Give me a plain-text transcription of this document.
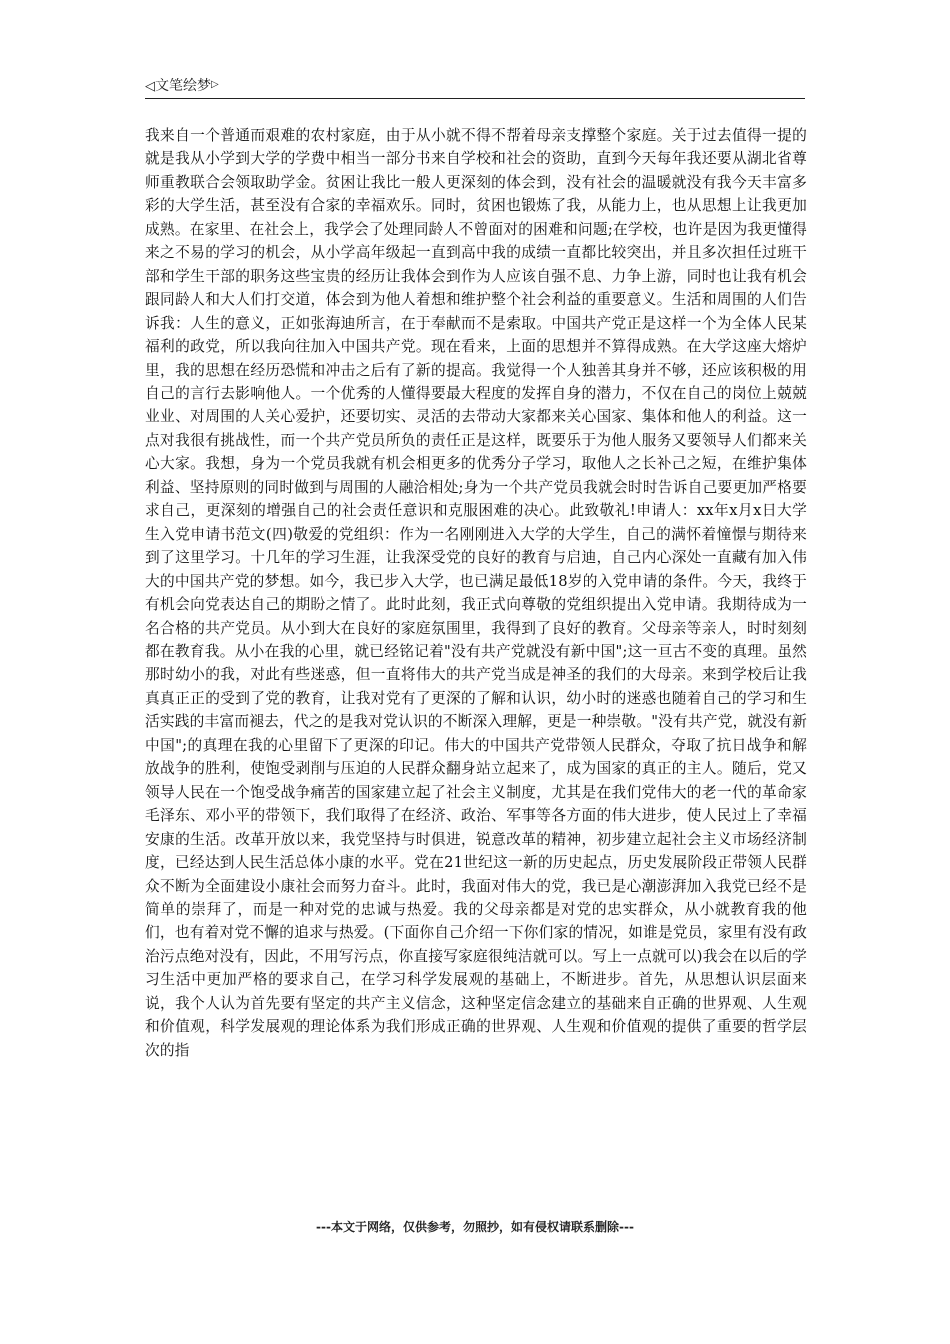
◁文笔绘梦▷
我来自一个普通而艰难的农村家庭，由于从小就不得不帮着母亲支撑整个家庭。关于过去值得一提的就是我从小学到大学的学费中相当一部分书来自学校和社会的资助，直到今天每年我还要从湖北省尊师重教联合会领取助学金。贫困让我比一般人更深刻的体会到，没有社会的温暖就没有我今天丰富多彩的大学生活，甚至没有合家的幸福欢乐。同时，贫困也锻炼了我，从能力上，也从思想上让我更加成熟。在家里、在社会上，我学会了处理同龄人不曾面对的困难和问题;在学校，也许是因为我更懂得来之不易的学习的机会，从小学高年级起一直到高中我的成绩一直都比较突出，并且多次担任过班干部和学生干部的职务这些宝贵的经历让我体会到作为人应该自强不息、力争上游，同时也让我有机会跟同龄人和大人们打交道，体会到为他人着想和维护整个社会利益的重要意义。生活和周围的人们告诉我：人生的意义，正如张海迪所言，在于奉献而不是索取。中国共产党正是这样一个为全体人民某福利的政党，所以我向往加入中国共产党。现在看来，上面的思想并不算得成熟。在大学这座大熔炉里，我的思想在经历恐慌和冲击之后有了新的提高。我觉得一个人独善其身并不够，还应该积极的用自己的言行去影响他人。一个优秀的人懂得要最大程度的发挥自身的潜力，不仅在自己的岗位上兢兢业业、对周围的人关心爱护，还要切实、灵活的去带动大家都来关心国家、集体和他人的利益。这一点对我很有挑战性，而一个共产党员所负的责任正是这样，既要乐于为他人服务又要领导人们都来关心大家。我想，身为一个党员我就有机会相更多的优秀分子学习，取他人之长补己之短，在维护集体利益、坚持原则的同时做到与周围的人融洽相处;身为一个共产党员我就会时时告诉自己要更加严格要求自己，更深刻的增强自己的社会责任意识和克服困难的决心。此致敬礼!申请人：xx年x月x日大学生入党申请书范文(四)敬爱的党组织：作为一名刚刚进入大学的大学生，自己的满怀着憧憬与期待来到了这里学习。十几年的学习生涯，让我深受党的良好的教育与启迪，自己内心深处一直藏有加入伟大的中国共产党的梦想。如今，我已步入大学，也已满足最低18岁的入党申请的条件。今天，我终于有机会向党表达自己的期盼之情了。此时此刻，我正式向尊敬的党组织提出入党申请。我期待成为一名合格的共产党员。从小到大在良好的家庭氛围里，我得到了良好的教育。父母亲等亲人，时时刻刻都在教育我。从小在我的心里，就已经铭记着"没有共产党就没有新中国";这一亘古不变的真理。虽然那时幼小的我，对此有些迷惑，但一直将伟大的共产党当成是神圣的我们的大母亲。来到学校后让我真真正正的受到了党的教育，让我对党有了更深的了解和认识，幼小时的迷惑也随着自己的学习和生活实践的丰富而褪去，代之的是我对党认识的不断深入理解，更是一种崇敬。"没有共产党，就没有新中国";的真理在我的心里留下了更深的印记。伟大的中国共产党带领人民群众，夺取了抗日战争和解放战争的胜利，使饱受剥削与压迫的人民群众翻身站立起来了，成为国家的真正的主人。随后，党又领导人民在一个饱受战争痛苦的国家建立起了社会主义制度，尤其是在我们党伟大的老一代的革命家毛泽东、邓小平的带领下，我们取得了在经济、政治、军事等各方面的伟大进步，使人民过上了幸福安康的生活。改革开放以来，我党坚持与时俱进，锐意改革的精神，初步建立起社会主义市场经济制度，已经达到人民生活总体小康的水平。党在21世纪这一新的历史起点，历史发展阶段正带领人民群众不断为全面建设小康社会而努力奋斗。此时，我面对伟大的党，我已是心潮澎湃加入我党已经不是简单的崇拜了，而是一种对党的忠诚与热爱。我的父母亲都是对党的忠实群众，从小就教育我的他们，也有着对党不懈的追求与热爱。(下面你自己介绍一下你们家的情况，如谁是党员，家里有没有政治污点绝对没有，因此，不用写污点，你直接写家庭很纯洁就可以。写上一点就可以)我会在以后的学习生活中更加严格的要求自己，在学习科学发展观的基础上，不断进步。首先，从思想认识层面来说，我个人认为首先要有坚定的共产主义信念，这种坚定信念建立的基础来自正确的世界观、人生观和价值观，科学发展观的理论体系为我们形成正确的世界观、人生观和价值观的提供了重要的哲学层次的指
---本文于网络，仅供参考，勿照抄，如有侵权请联系删除---
